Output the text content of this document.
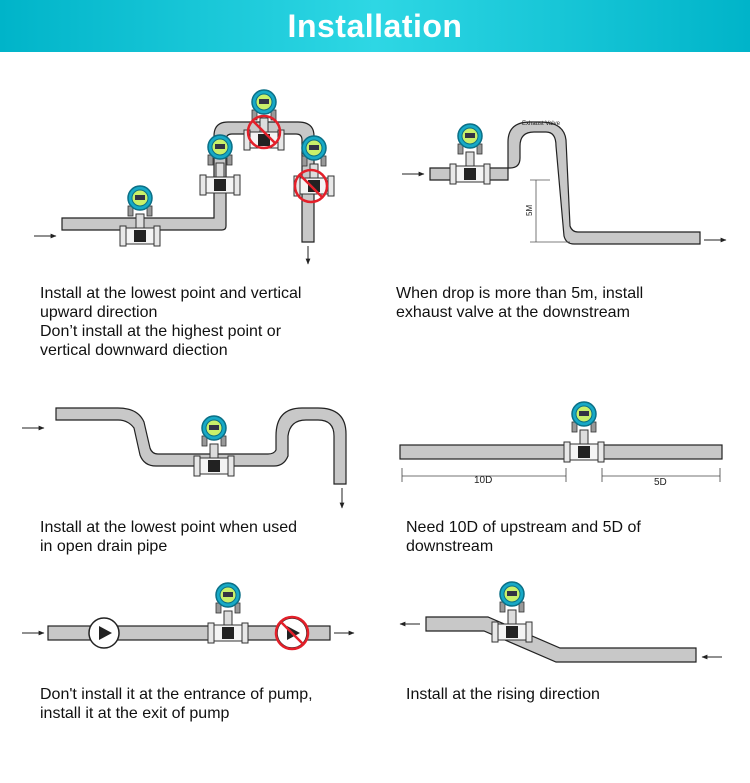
Installation
Exhaust Valve
5M
10D	5D
Install at the lowest point and vertical
upward direction
Don’t install at the highest point or
vertical downward diection
When drop is more than 5m, install
exhaust valve at the downstream
Install at the lowest point when used
in open drain pipe
Need 10D of upstream and 5D of
downstream
Don't install it at the entrance of pump,
install it at the exit of pump
Install at the rising direction
